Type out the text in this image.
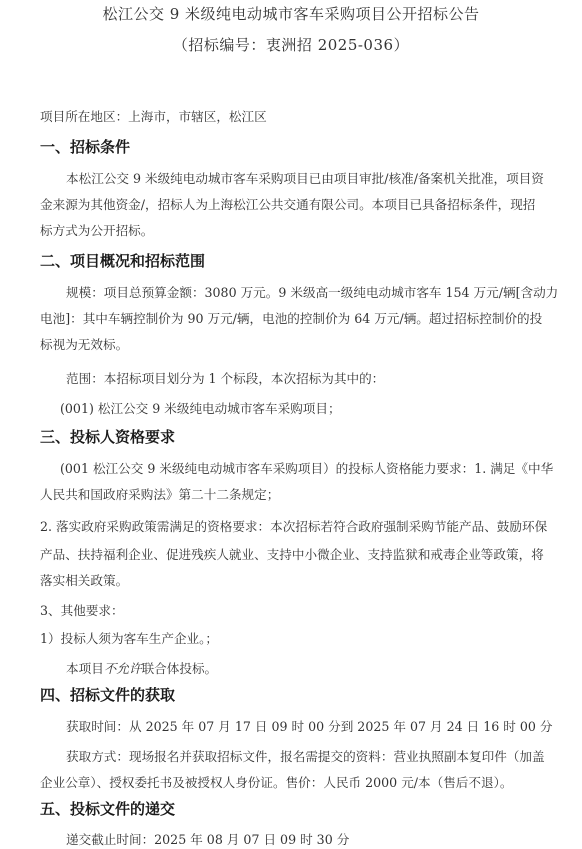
松江公交 9 米级纯电动城市客车采购项目公开招标公告
（招标编号：衷洲招 2025-036）
项目所在地区：上海市，市辖区，松江区
一、招标条件
本松江公交 9 米级纯电动城市客车采购项目已由项目审批/核准/备案机关批准，项目资
金来源为其他资金/，招标人为上海松江公共交通有限公司。本项目已具备招标条件，现招
标方式为公开招标。
二、项目概况和招标范围
规模：项目总预算金额：3080 万元。9 米级高一级纯电动城市客车 154 万元/辆[含动力
电池]：其中车辆控制价为 90 万元/辆，电池的控制价为 64 万元/辆。超过招标控制价的投
标视为无效标。
范围：本招标项目划分为 1 个标段，本次招标为其中的：
(001) 松江公交 9 米级纯电动城市客车采购项目；
三、投标人资格要求
(001 松江公交 9 米级纯电动城市客车采购项目）的投标人资格能力要求：1. 满足《中华
人民共和国政府采购法》第二十二条规定；
2. 落实政府采购政策需满足的资格要求：本次招标若符合政府强制采购节能产品、鼓励环保
产品、扶持福利企业、促进残疾人就业、支持中小微企业、支持监狱和戒毒企业等政策，将
落实相关政策。
3、其他要求：
1）投标人须为客车生产企业。；
本项目不允许联合体投标。
四、招标文件的获取
获取时间：从 2025 年 07 月 17 日 09 时 00 分到 2025 年 07 月 24 日 16 时 00 分
获取方式：现场报名并获取招标文件，报名需提交的资料：营业执照副本复印件（加盖
企业公章）、授权委托书及被授权人身份证。售价：人民币 2000 元/本（售后不退）。
五、投标文件的递交
递交截止时间：2025 年 08 月 07 日 09 时 30 分
